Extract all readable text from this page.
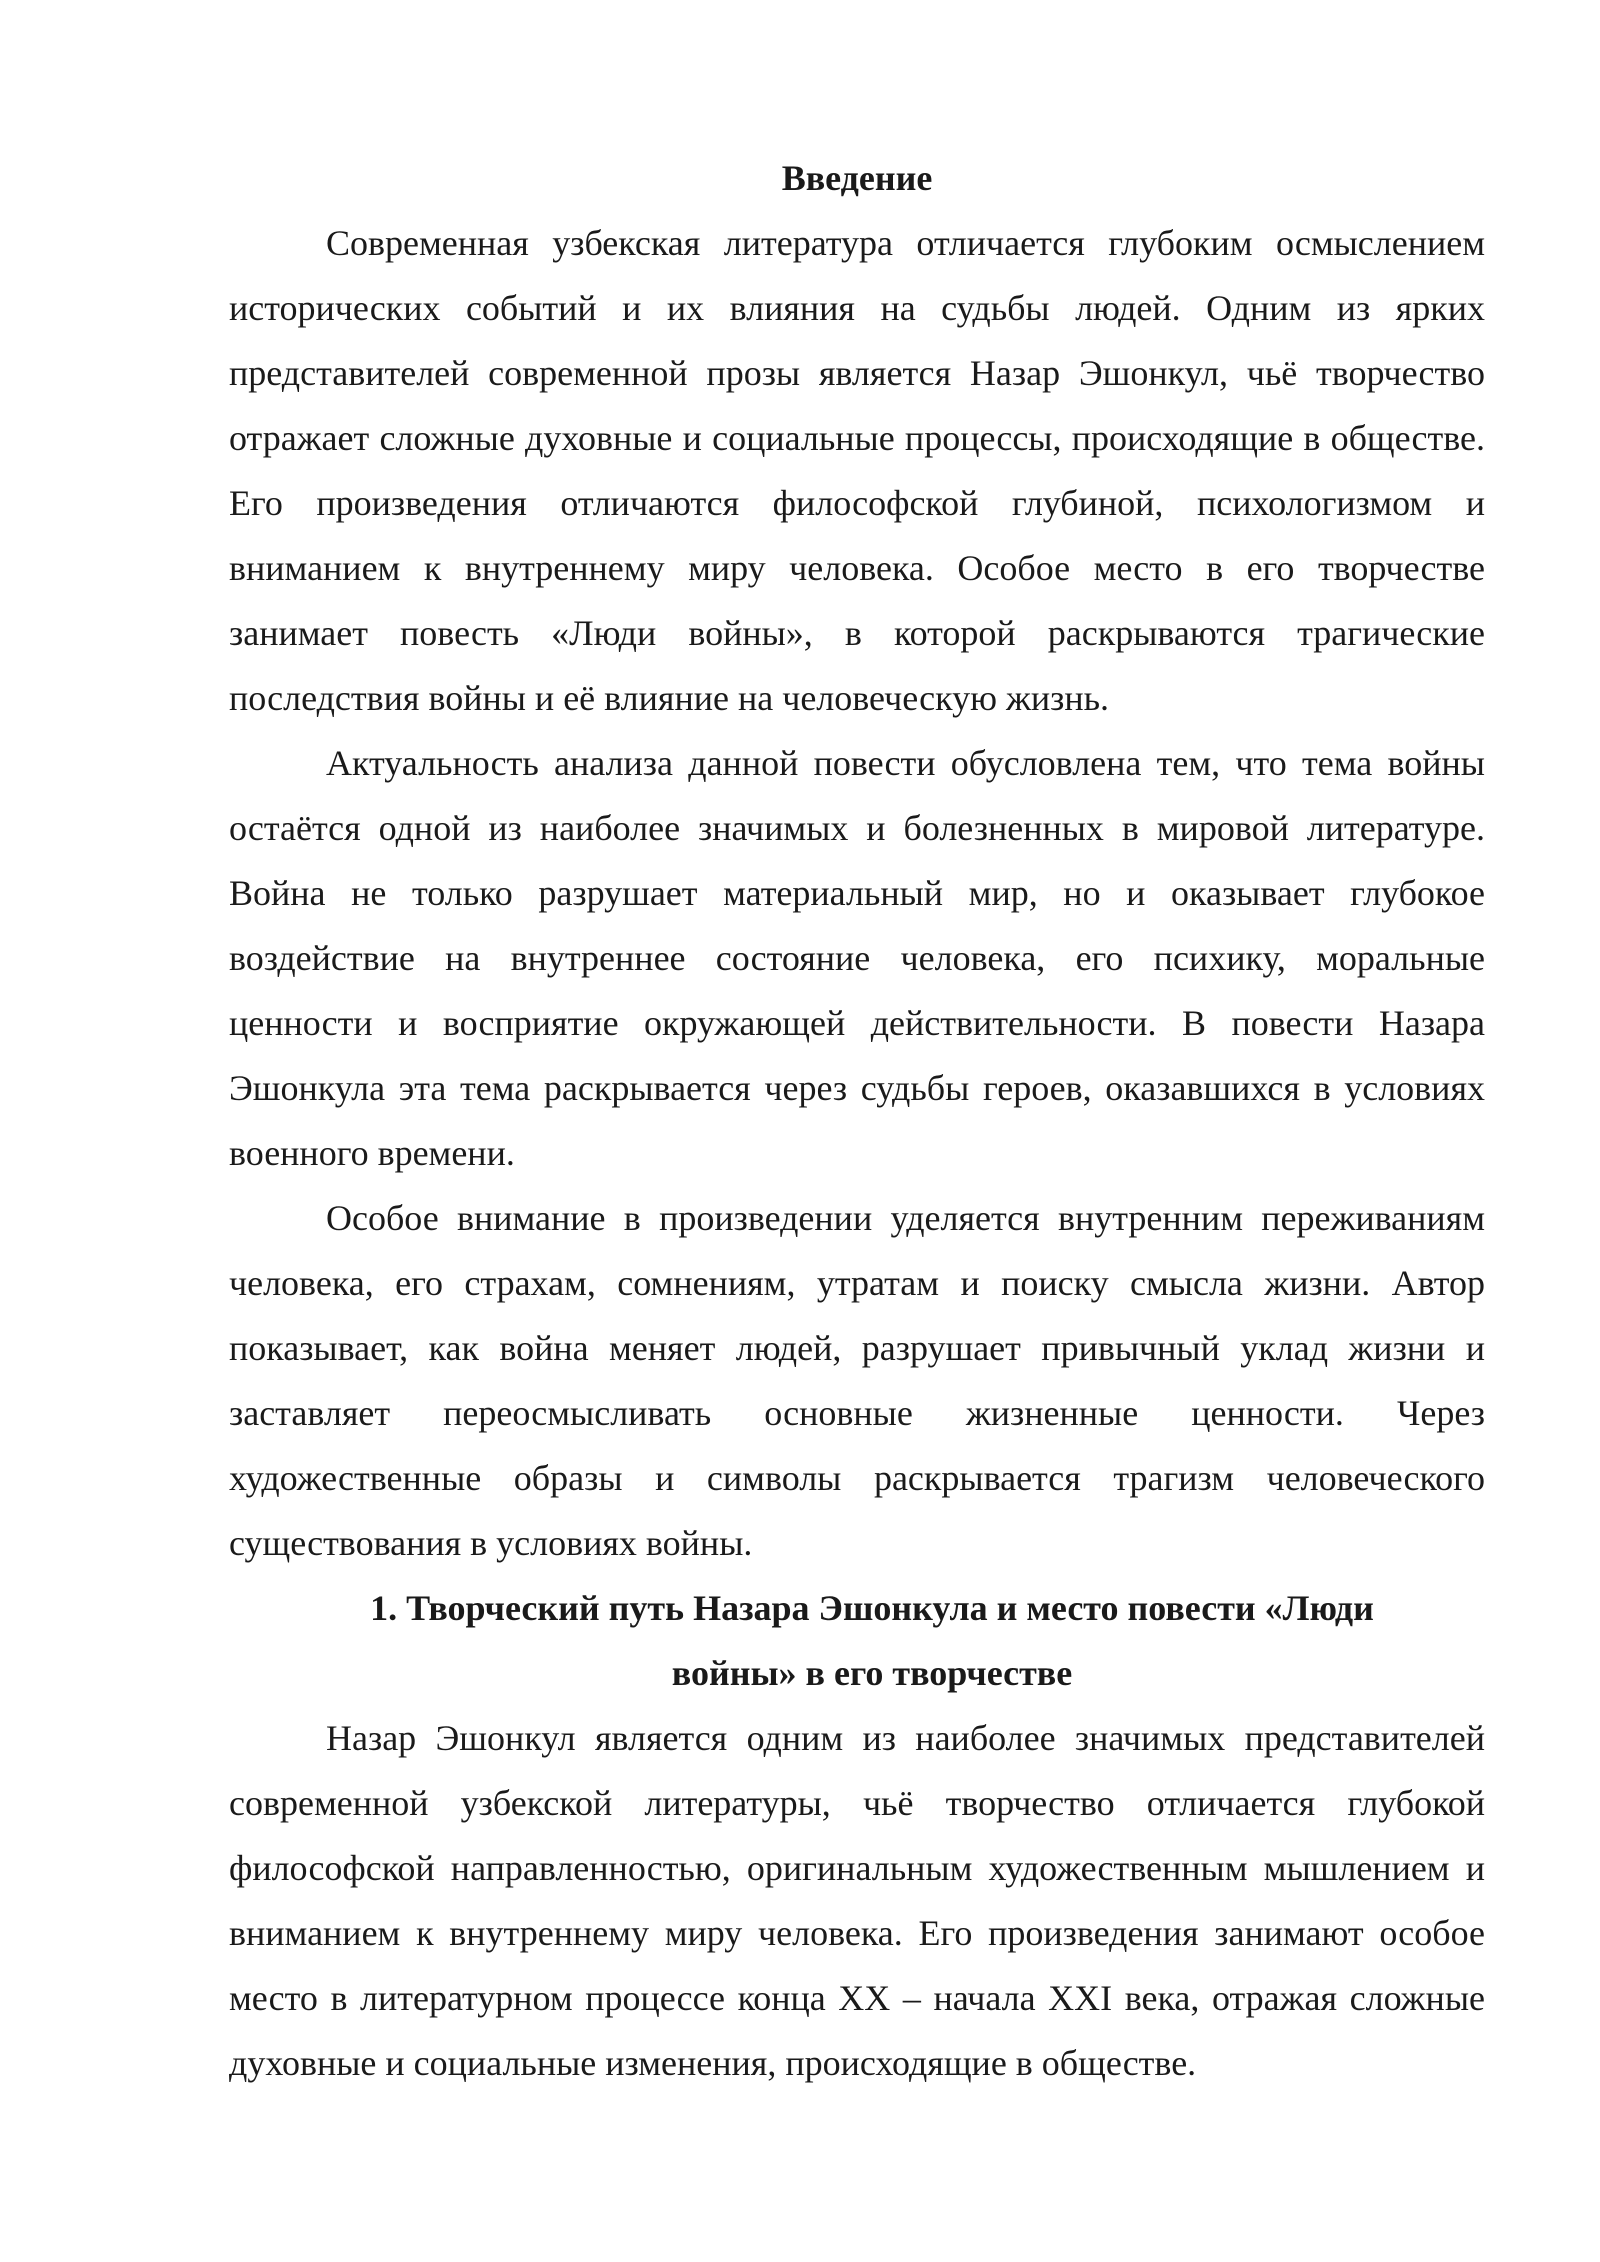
Введение

Современная узбекская литература отличается глубоким осмыслением исторических событий и их влияния на судьбы людей. Одним из ярких представителей современной прозы является Назар Эшонкул, чьё творчество отражает сложные духовные и социальные процессы, происходящие в обществе. Его произведения отличаются философской глубиной, психологизмом и вниманием к внутреннему миру человека. Особое место в его творчестве занимает повесть «Люди войны», в которой раскрываются трагические последствия войны и её влияние на человеческую жизнь.

Актуальность анализа данной повести обусловлена тем, что тема войны остаётся одной из наиболее значимых и болезненных в мировой литературе. Война не только разрушает материальный мир, но и оказывает глубокое воздействие на внутреннее состояние человека, его психику, моральные ценности и восприятие окружающей действительности. В повести Назара Эшонкула эта тема раскрывается через судьбы героев, оказавшихся в условиях военного времени.

Особое внимание в произведении уделяется внутренним переживаниям человека, его страхам, сомнениям, утратам и поиску смысла жизни. Автор показывает, как война меняет людей, разрушает привычный уклад жизни и заставляет переосмысливать основные жизненные ценности. Через художественные образы и символы раскрывается трагизм человеческого существования в условиях войны.

1. Творческий путь Назара Эшонкула и место повести «Люди войны» в его творчестве

Назар Эшонкул является одним из наиболее значимых представителей современной узбекской литературы, чьё творчество отличается глубокой философской направленностью, оригинальным художественным мышлением и вниманием к внутреннему миру человека. Его произведения занимают особое место в литературном процессе конца XX – начала XXI века, отражая сложные духовные и социальные изменения, происходящие в обществе.
